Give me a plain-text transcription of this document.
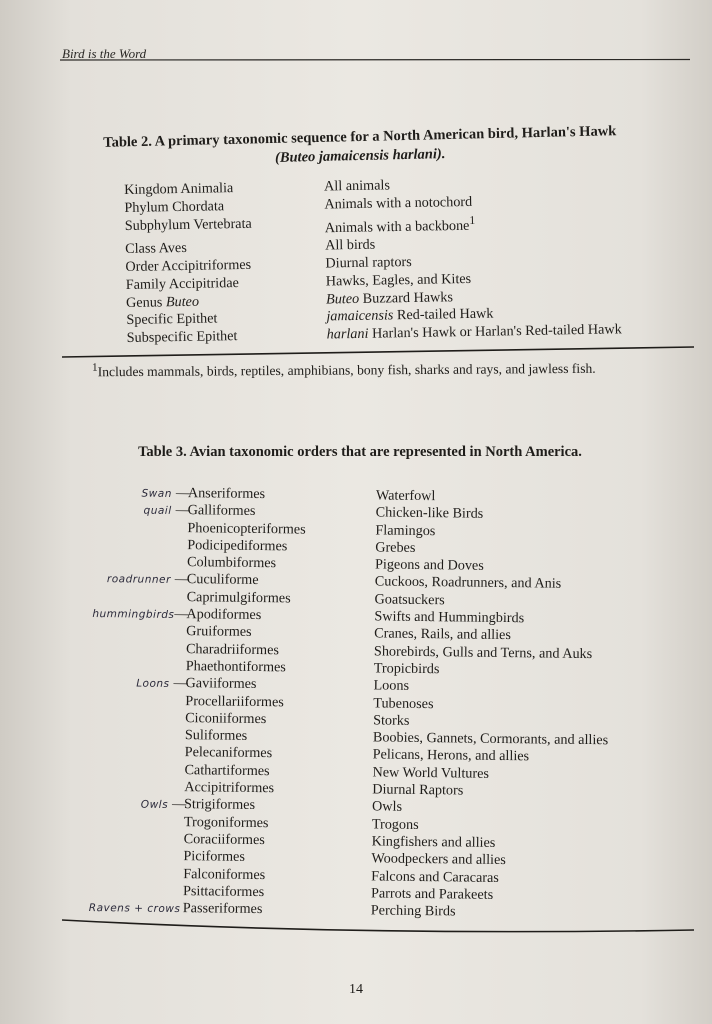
Bird is the Word
Table 2. A primary taxonomic sequence for a North American bird, Harlan's Hawk
(Buteo jamaicensis harlani).
Kingdom Animalia	All animals
Phylum Chordata	Animals with a notochord
Subphylum Vertebrata	Animals with a backbone$^1$
Class Aves	All birds
Order Accipitriformes	Diurnal raptors
Family Accipitridae	Hawks, Eagles, and Kites
Genus Buteo	Buteo Buzzard Hawks
Specific Epithet	jamaicensis Red-tailed Hawk
Subspecific Epithet	harlani Harlan's Hawk or Harlan's Red-tailed Hawk
$^1$Includes mammals, birds, reptiles, amphibians, bony fish, sharks and rays, and jawless fish.
Table 3. Avian taxonomic orders that are represented in North America.
Swan —
Anseriformes	Waterfowl
quail —
Galliformes	Chicken-like Birds
Phoenicopteriformes	Flamingos
Podicipediformes	Grebes
Columbiformes	Pigeons and Doves
roadrunner —
Cuculiforme	Cuckoos, Roadrunners, and Anis
Caprimulgiformes	Goatsuckers
hummingbirds —
Apodiformes	Swifts and Hummingbirds
Gruiformes	Cranes, Rails, and allies
Charadriiformes	Shorebirds, Gulls and Terns, and Auks
Phaethontiformes	Tropicbirds
Loons —
Gaviiformes	Loons
Procellariiformes	Tubenoses
Ciconiiformes	Storks
Suliformes	Boobies, Gannets, Cormorants, and allies
Pelecaniformes	Pelicans, Herons, and allies
Cathartiformes	New World Vultures
Accipitriformes	Diurnal Raptors
Owls —
Strigiformes	Owls
Trogoniformes	Trogons
Coraciiformes	Kingfishers and allies
Piciformes	Woodpeckers and allies
Falconiformes	Falcons and Caracaras
Psittaciformes	Parrots and Parakeets
Ravens + crows Passeriformes	Perching Birds
14
